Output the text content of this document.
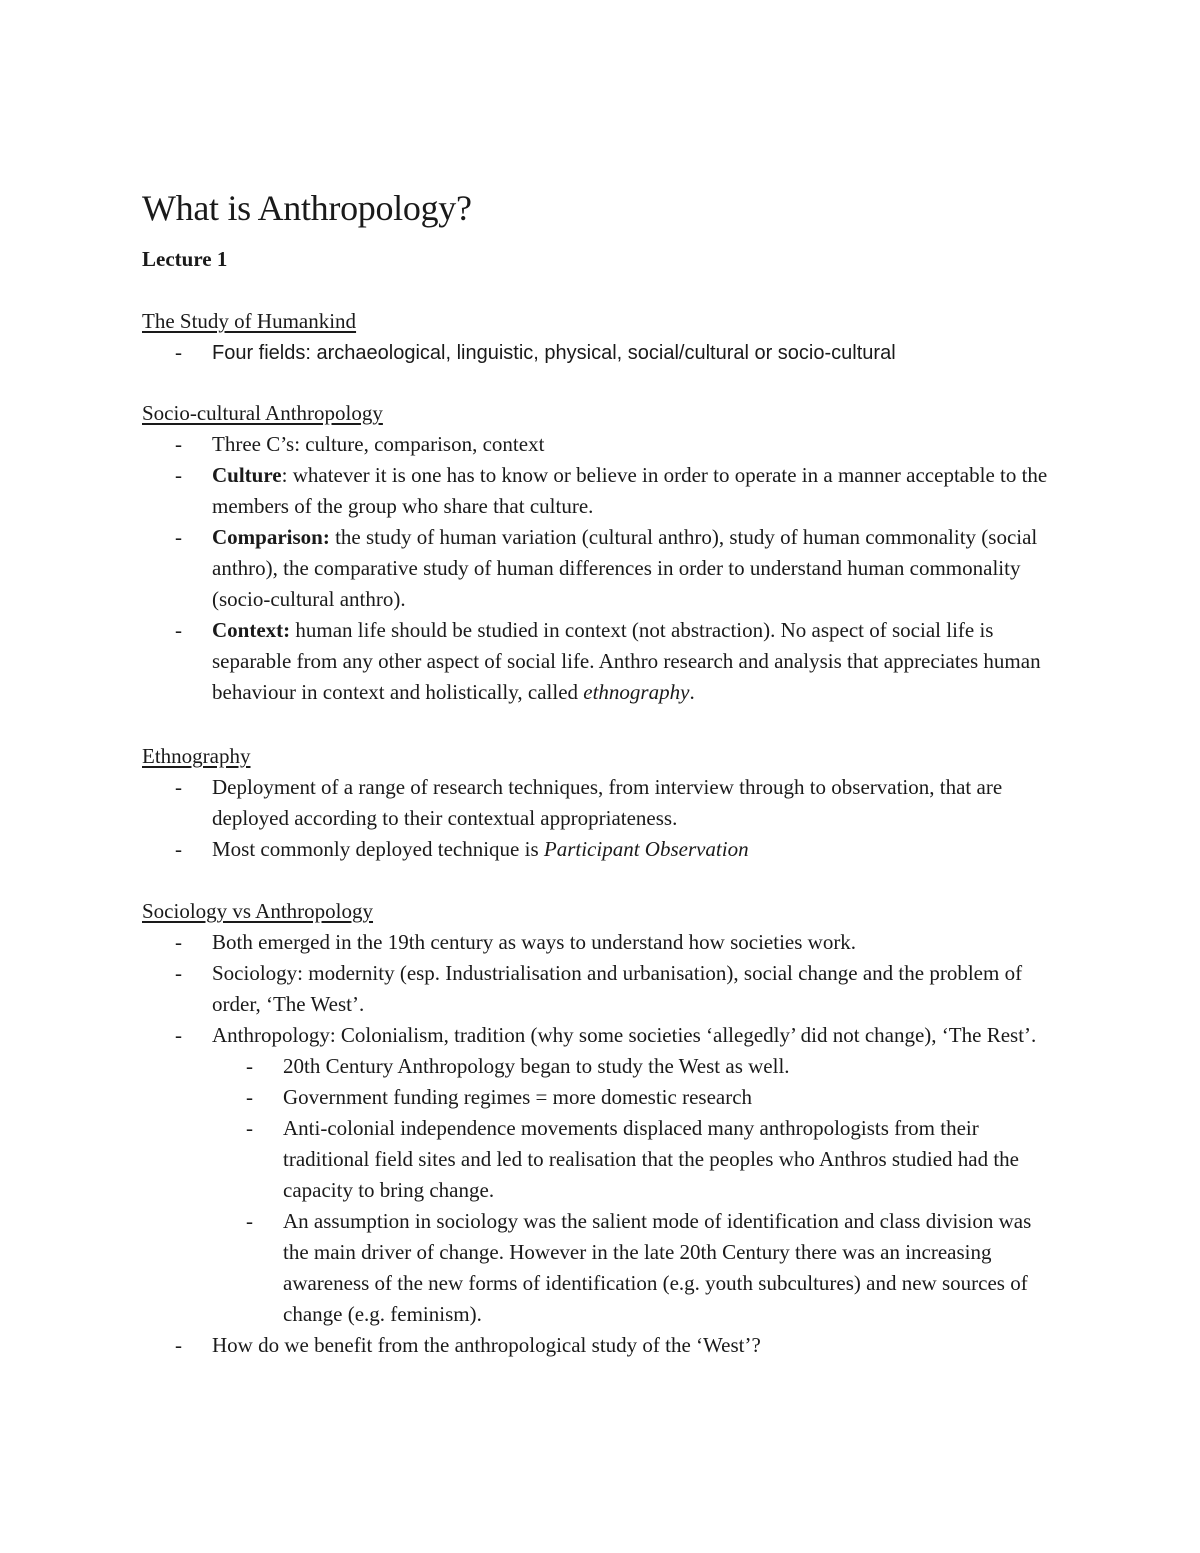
What is Anthropology?
Lecture 1
The Study of Humankind
- Four fields: archaeological, linguistic, physical, social/cultural or socio-cultural
Socio-cultural Anthropology
- Three C’s: culture, comparison, context
- Culture: whatever it is one has to know or believe in order to operate in a manner acceptable to the members of the group who share that culture.
- Comparison: the study of human variation (cultural anthro), study of human commonality (social anthro), the comparative study of human differences in order to understand human commonality (socio-cultural anthro).
- Context: human life should be studied in context (not abstraction). No aspect of social life is separable from any other aspect of social life. Anthro research and analysis that appreciates human behaviour in context and holistically, called ethnography.
Ethnography
- Deployment of a range of research techniques, from interview through to observation, that are deployed according to their contextual appropriateness.
- Most commonly deployed technique is Participant Observation
Sociology vs Anthropology
- Both emerged in the 19th century as ways to understand how societies work.
- Sociology: modernity (esp. Industrialisation and urbanisation), social change and the problem of order, ‘The West’.
- Anthropology: Colonialism, tradition (why some societies ‘allegedly’ did not change), ‘The Rest’.
- 20th Century Anthropology began to study the West as well.
- Government funding regimes = more domestic research
- Anti-colonial independence movements displaced many anthropologists from their traditional field sites and led to realisation that the peoples who Anthros studied had the capacity to bring change.
- An assumption in sociology was the salient mode of identification and class division was the main driver of change. However in the late 20th Century there was an increasing awareness of the new forms of identification (e.g. youth subcultures) and new sources of change (e.g. feminism).
- How do we benefit from the anthropological study of the ‘West’?
